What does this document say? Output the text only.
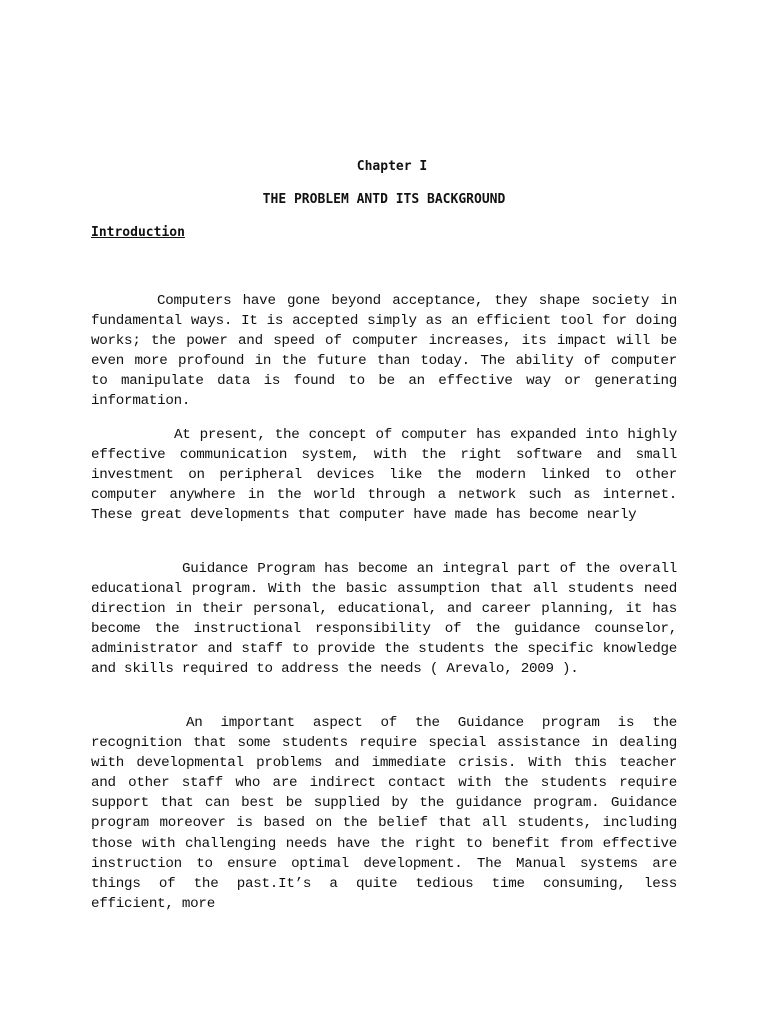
Chapter I
THE PROBLEM ANTD ITS BACKGROUND
Introduction

Computers have gone beyond acceptance, they shape society in fundamental ways. It is accepted simply as an efficient tool for doing works; the power and speed of computer increases, its impact will be even more profound in the future than today. The ability of computer to manipulate data is found to be an effective way or generating information.

At present, the concept of computer has expanded into highly effective communication system, with the right software and small investment on peripheral devices like the modern linked to other computer anywhere in the world through a network such as internet. These great developments that computer have made has become nearly

Guidance Program has become an integral part of the overall educational program. With the basic assumption that all students need direction in their personal, educational, and career planning, it has become the instructional responsibility of the guidance counselor, administrator and staff to provide the students the specific knowledge and skills required to address the needs ( Arevalo, 2009 ).

An important aspect of the Guidance program is the recognition that some students require special assistance in dealing with developmental problems and immediate crisis. With this teacher and other staff who are indirect contact with the students require support that can best be supplied by the guidance program. Guidance program moreover is based on the belief that all students, including those with challenging needs have the right to benefit from effective instruction to ensure optimal development. The Manual systems are things of the past.It’s a quite tedious time consuming, less efficient, more
